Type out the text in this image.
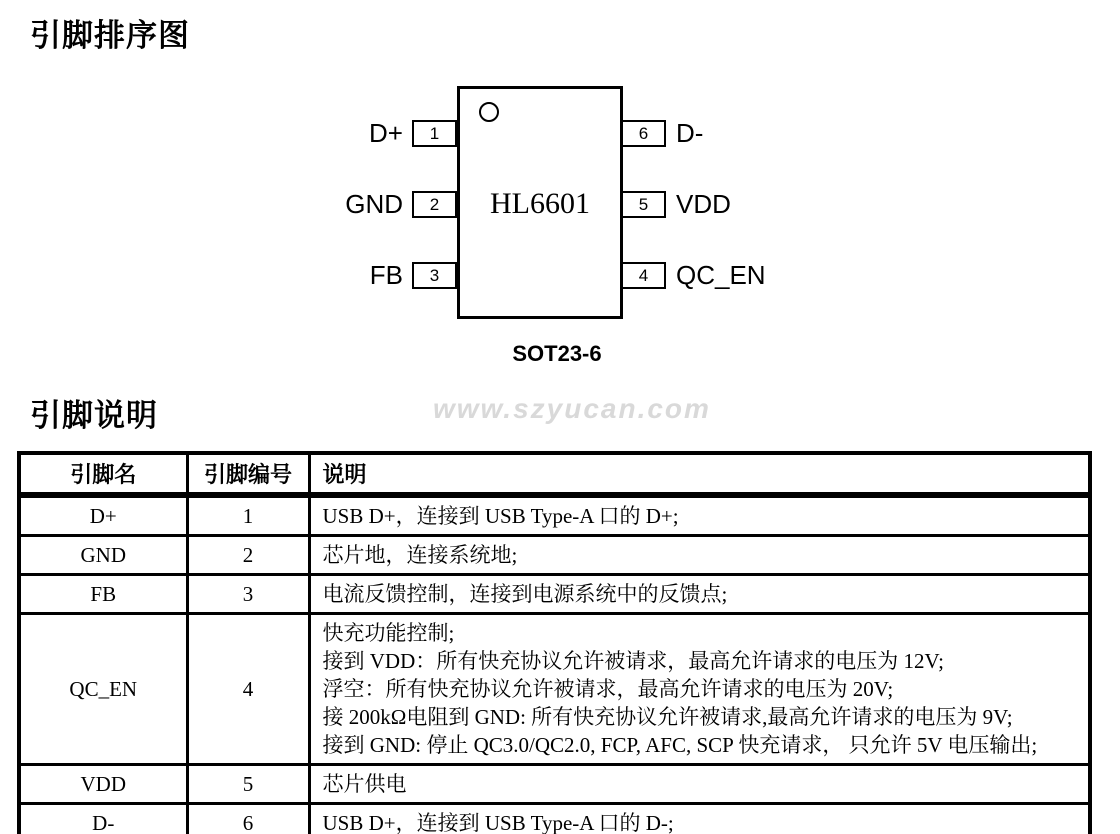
引脚排序图
HL6601
D+ 1
GND 2
FB 3
6 D-
5 VDD
4 QC_EN
SOT23-6
引脚说明	www.szyucan.com
引脚名	引脚编号	说明
D+	1	USB D+，连接到 USB Type-A 口的 D+;

GND	2	芯片地，连接系统地;

FB	3	电流反馈控制，连接到电源系统中的反馈点;

QC_EN	4	快充功能控制;
接到 VDD：所有快充协议允许被请求，最高允许请求的电压为 12V;
浮空：所有快充协议允许被请求，最高允许请求的电压为 20V;
接 200kΩ电阻到 GND: 所有快充协议允许被请求,最高允许请求的电压为 9V;
接到 GND: 停止 QC3.0/QC2.0, FCP, AFC, SCP 快充请求， 只允许 5V 电压输出;

VDD	5	芯片供电

D-	6	USB D+，连接到 USB Type-A 口的 D-;
